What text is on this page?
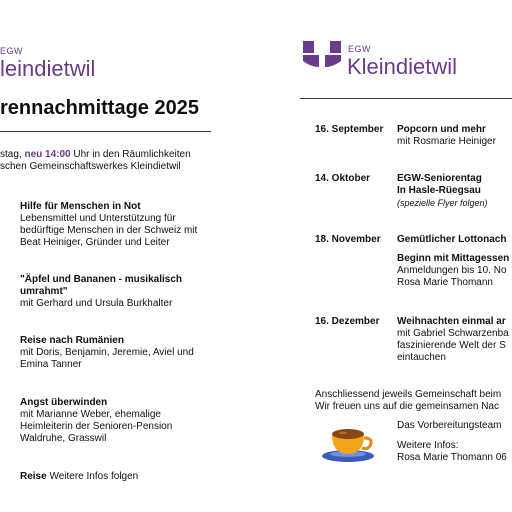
EGW
leindietwil
rennachmittage 2025
stag, neu 14:00 Uhr in den Räumlichkeiten
schen Gemeinschaftswerkes Kleindietwil
Hilfe für Menschen in Not
Lebensmittel und Unterstützung für
bedürftige Menschen in der Schweiz mit
Beat Heiniger, Gründer und Leiter
"Äpfel und Bananen - musikalisch
umrahmt"
mit Gerhard und Ursula Burkhalter
Reise nach Rumänien
mit Doris, Benjamin, Jeremie, Aviel und
Emina Tanner
Angst überwinden
mit Marianne Weber, ehemalige
Heimleiterin der Senioren-Pension
Waldruhe, Grasswil
Reise Weitere Infos folgen
EGW
Kleindietwil
16. September Popcorn und mehr
mit Rosmarie Heiniger
14. Oktober	EGW-Seniorentag
In Hasle-Rüegsau
(spezielle Flyer folgen)
18. November Gemütlicher Lottonach
Beginn mit Mittagessen
Anmeldungen bis 10. No
Rosa Marie Thomann
16. Dezember Weihnachten einmal ar
mit Gabriel Schwarzenba
faszinierende Welt der S
eintauchen
Anschliessend jeweils Gemeinschaft beim
Wir freuen uns auf die gemeinsamen Nac
Das Vorbereitungsteam
Weitere Infos:
Rosa Marie Thomann 06
